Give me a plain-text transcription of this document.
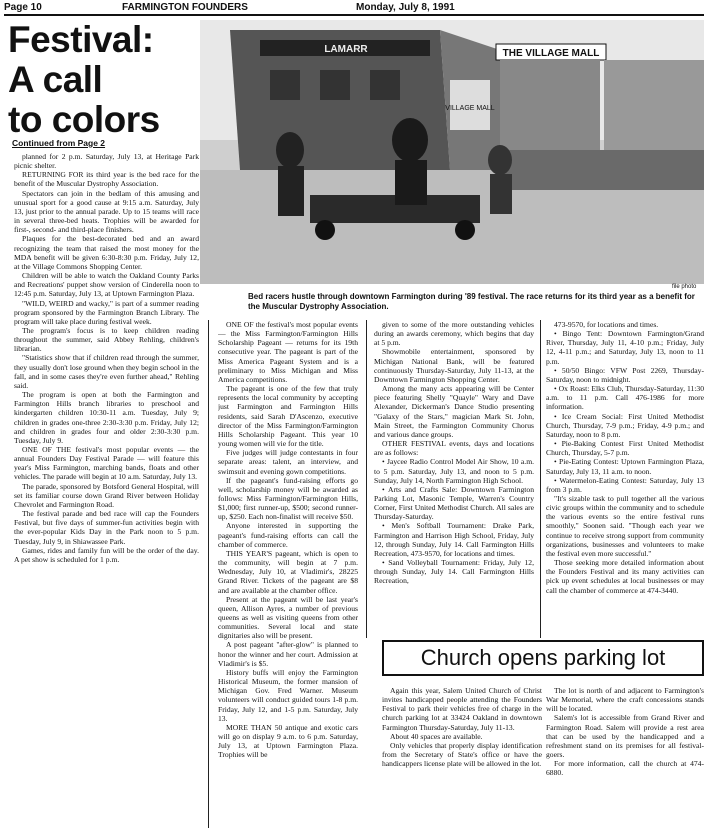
Page 10	FARMINGTON FOUNDERS	Monday, July 8, 1991
Festival:
A call
to colors
Continued from Page 2
THE VILLAGE MALL
LAMARR
VILLAGE MALL
file photo
Bed racers hustle through downtown Farmington during '89 festival. The race returns for its third year as a benefit for the Muscular Dystrophy Association.

planned for 2 p.m. Saturday, July 13, at Heritage Park picnic shelter.

RETURNING FOR its third year is the bed race for the benefit of the Muscular Dystrophy Association.

Spectators can join in the bedlam of this amusing and unusual sport for a good cause at 9:15 a.m. Saturday, July 13, just prior to the annual parade. Up to 15 teams will race in several three-bed heats. Trophies will be awarded for first-, second- and third-place finishers.

Plaques for the best-decorated bed and an award recognizing the team that raised the most money for the MDA benefit will be given 6:30-8:30 p.m. Friday, July 12, at the Village Commons Shopping Center.

Children will be able to watch the Oakland County Parks and Recreations' puppet show version of Cinderella noon to 12:45 p.m. Saturday, July 13, at Uptown Farmington Plaza.

"WILD, WEIRD and wacky," is part of a summer reading program sponsored by the Farmington Branch Library. The program will take place during festival week.

The program's focus is to keep children reading throughout the summer, said Abbey Rehling, children's librarian.

"Statistics show that if children read through the summer, they usually don't lose ground when they begin school in the fall, and in some cases they're even further ahead," Rehling said.

The program is open at both the Farmington and Farmington Hills branch libraries to preschool and kindergarten children 10:30-11 a.m. Tuesday, July 9; children in grades one-three 2:30-3:30 p.m. Friday, July 12; and children in grades four and older 2:30-3:30 p.m. Tuesday, July 9.

ONE OF THE festival's most popular events — the annual Founders Day Festival Parade — will feature this year's Miss Farmington, marching bands, floats and other vehicles. The parade will begin at 10 a.m. Saturday, July 13.

The parade, sponsored by Botsford General Hospital, will set its familiar course down Grand River between Holiday Chevrolet and Farmington Road.

The festival parade and bed race will cap the Founders Festival, but five days of summer-fun activities begin with the ever-popular Kids Day in the Park noon to 5 p.m. Tuesday, July 9, in Shiawassee Park.

Games, rides and family fun will be the order of the day. A pet show is scheduled for 1 p.m.

ONE OF the festival's most popular events — the Miss Farmington/Farmington Hills Scholarship Pageant — returns for its 19th consecutive year. The pageant is part of the Miss America Pageant System and is a preliminary to Miss Michigan and Miss America competitions.

The pageant is one of the few that truly represents the local community by accepting just Farmington and Farmington Hills residents, said Sarah D'Ascenzo, executive director of the Miss Farmington/Farmington Hills Scholarship Pageant. This year 10 young women will vie for the title.

Five judges will judge contestants in four separate areas: talent, an interview, and swimsuit and evening gown competitions.

If the pageant's fund-raising efforts go well, scholarship money will be awarded as follows: Miss Farmington/Farmington Hills, $1,000; first runner-up, $500; second runner-up, $250. Each non-finalist will receive $50.

Anyone interested in supporting the pageant's fund-raising efforts can call the chamber of commerce.

THIS YEAR'S pageant, which is open to the community, will begin at 7 p.m. Wednesday, July 10, at Vladimir's, 28225 Grand River. Tickets of the pageant are $8 and are available at the chamber office.

Present at the pageant will be last year's queen, Allison Ayres, a number of previous queens as well as visiting queens from other communities. Several local and state dignitaries also will be present.

A post pageant "after-glow" is planned to honor the winner and her court. Admission at Vladimir's is $5.

History buffs will enjoy the Farmington Historical Museum, the former mansion of Michigan Gov. Fred Warner. Museum volunteers will conduct guided tours 1-8 p.m. Friday, July 12, and 1-5 p.m. Saturday, July 13.

MORE THAN 50 antique and exotic cars will go on display 9 a.m. to 6 p.m. Saturday, July 13, at Uptown Farmington Plaza. Trophies will be

given to some of the more outstanding vehicles during an awards ceremony, which begins that day at 5 p.m.

Showmobile entertainment, sponsored by Michigan National Bank, will be featured continuously Thursday-Saturday, July 11-13, at the Downtown Farmington Shopping Center.

Among the many acts appearing will be Center piece featuring Shelly "Quayle" Wary and Dave Alexander, Dickerman's Dance Studio presenting "Galaxy of the Stars," magician Mark St. John, Main Street, the Farmington Community Chorus and various dance groups.

OTHER FESTIVAL events, days and locations are as follows:

• Jaycee Radio Control Model Air Show, 10 a.m. to 5 p.m. Saturday, July 13, and noon to 5 p.m. Sunday, July 14, North Farmington High School.

• Arts and Crafts Sale: Downtown Farmington Parking Lot, Masonic Temple, Warren's Country Corner, First United Methodist Church. All sales are Thursday-Saturday.

• Men's Softball Tournament: Drake Park, Farmington and Harrison High School, Friday, July 12, through Sunday, July 14. Call Farmington Hills Recreation, 473-9570, for locations and times.

• Sand Volleyball Tournament: Friday, July 12, through Sunday, July 14. Call Farmington Hills Recreation,

473-9570, for locations and times.

• Bingo Tent: Downtown Farmington/Grand River, Thursday, July 11, 4-10 p.m.; Friday, July 12, 4-11 p.m.; and Saturday, July 13, noon to 11 p.m.

• 50/50 Bingo: VFW Post 2269, Thursday-Saturday, noon to midnight.

• Ox Roast: Elks Club, Thursday-Saturday, 11:30 a.m. to 11 p.m. Call 476-1986 for more information.

• Ice Cream Social: First United Methodist Church, Thursday, 7-9 p.m.; Friday, 4-9 p.m.; and Saturday, noon to 8 p.m.

• Pie-Baking Contest First United Methodist Church, Thursday, 5-7 p.m.

• Pie-Eating Contest: Uptown Farmington Plaza, Saturday, July 13, 11 a.m. to noon.

• Watermelon-Eating Contest: Saturday, July 13 from 3 p.m.

"It's sizable task to pull together all the various civic groups within the community and to schedule the various events so the entire festival runs smoothly," Soonen said. "Though each year we continue to receive strong support from community organizations, businesses and volunteers to make the festival even more successful."

Those seeking more detailed information about the Founders Festival and its many activities can pick up event schedules at local businesses or may call the chamber of commerce at 474-3440.

Church opens parking lot

Again this year, Salem United Church of Christ invites handicapped people attending the Founders Festival to park their vehicles free of charge in the church parking lot at 33424 Oakland in downtown Farmington Thursday-Saturday, July 11-13.

About 40 spaces are available.

Only vehicles that properly display identification from the Secretary of State's office or have the handicappers license plate will be allowed in the lot.

The lot is north of and adjacent to Farmington's War Memorial, where the craft concessions stands will be located.

Salem's lot is accessible from Grand River and Farmington Road. Salem will provide a rest area that can be used by the handicapped and a refreshment stand on its premises for all festival-goers.

For more information, call the church at 474-6880.
